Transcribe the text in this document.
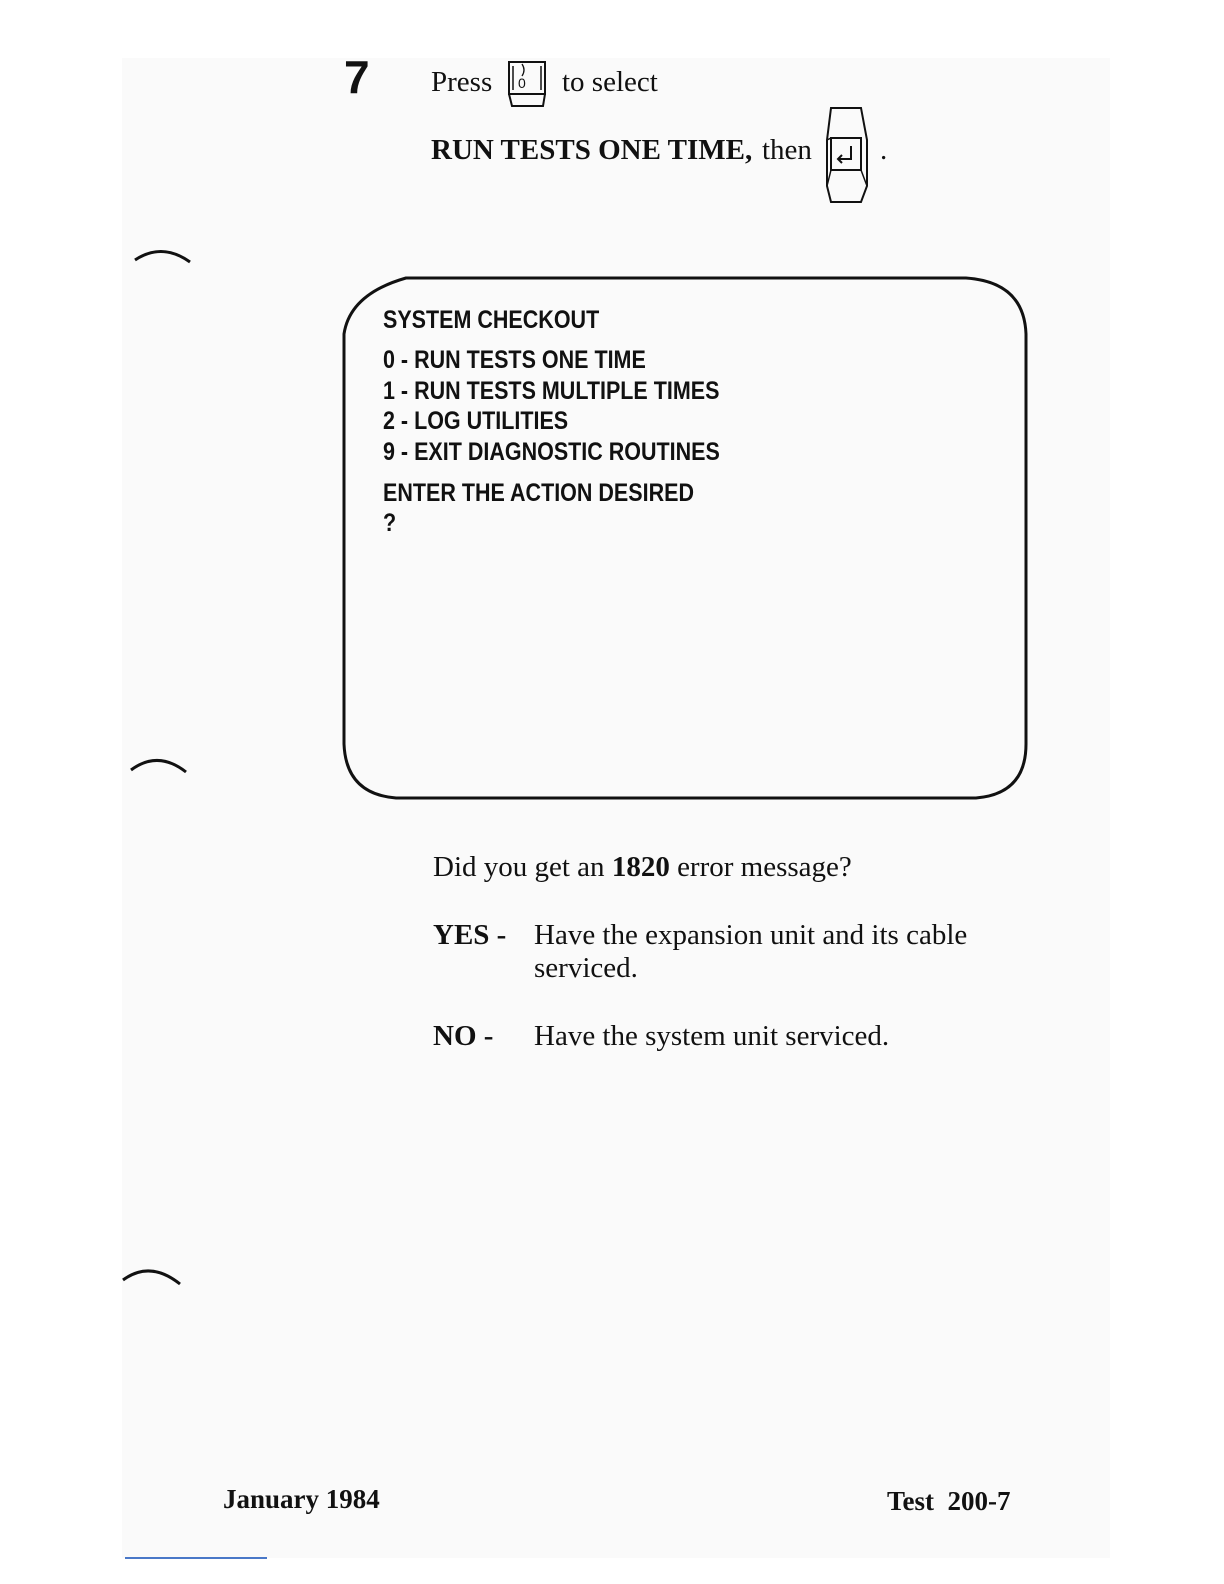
7 Press 0 to select
RUN TESTS ONE TIME, then .
SYSTEM CHECKOUT
0 - RUN TESTS ONE TIME
1 - RUN TESTS MULTIPLE TIMES
2 - LOG UTILITIES
9 - EXIT DIAGNOSTIC ROUTINES
ENTER THE ACTION DESIRED
?
Did you get an 1820 error message?
YES - Have the expansion unit and its cable
serviced.
NO - Have the system unit serviced.
January 1984	Test 200-7
